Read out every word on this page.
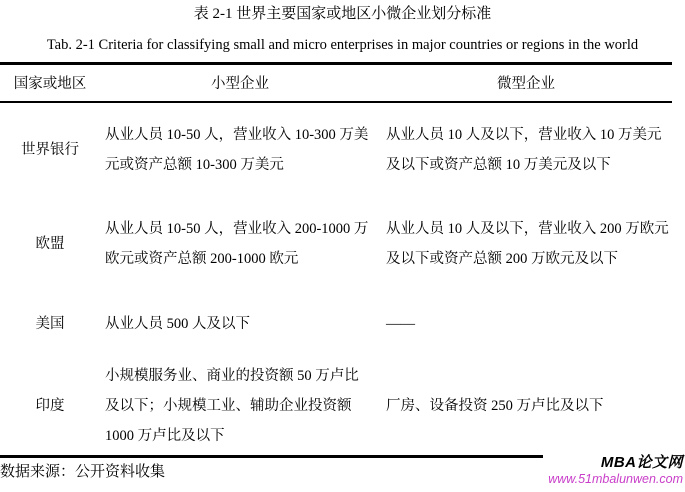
表 2-1 世界主要国家或地区小微企业划分标准
Tab. 2-1 Criteria for classifying small and micro enterprises in major countries or regions in the world
国家或地区	小型企业	微型企业
世界银行	从业人员 10-50 人，营业收入 10-300 万美元或资产总额 10-300 万美元	从业人员 10 人及以下，营业收入 10 万美元及以下或资产总额 10 万美元及以下
欧盟	从业人员 10-50 人，营业收入 200-1000 万欧元或资产总额 200-1000 欧元	从业人员 10 人及以下，营业收入 200 万欧元及以下或资产总额 200 万欧元及以下
美国	从业人员 500 人及以下	——
印度	小规模服务业、商业的投资额 50 万卢比及以下；小规模工业、辅助企业投资额 1000 万卢比及以下	厂房、设备投资 250 万卢比及以下
数据来源：公开资料收集
MBA论文网
www.51mbalunwen.com
